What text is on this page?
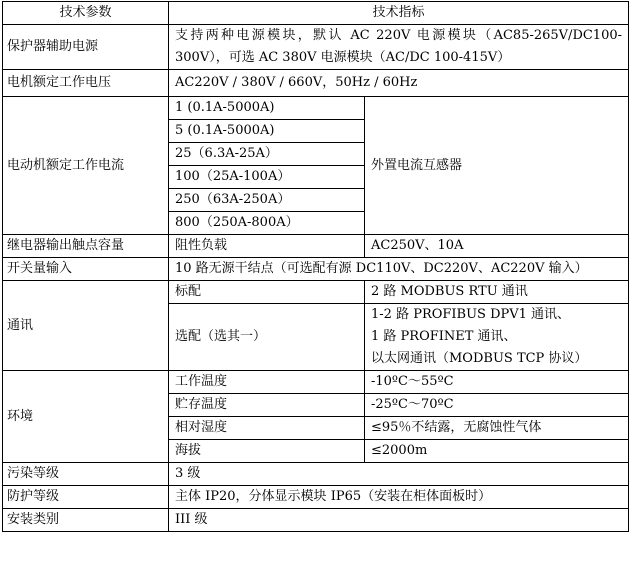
技术参数	技术指标	
保护器辅助电源	支持两种电源模块，默认 AC 220V 电源模块（AC85-265V/DC100-300V），可选 AC 380V 电源模块（AC/DC 100-415V）	
电机额定工作电压	AC220V / 380V / 660V，50Hz / 60Hz	
电动机额定工作电流	1 (0.1A-5000A)	外置电流互感器
	5 (0.1A-5000A)	
	25（6.3A-25A）	
	100（25A-100A）	
	250（63A-250A）	
	800（250A-800A）	
继电器输出触点容量	阻性负载	AC250V、10A
开关量输入	10 路无源干结点（可选配有源 DC110V、DC220V、AC220V 输入）	
通讯	标配	2 路 MODBUS RTU 通讯
	选配（选其一）	1-2 路 PROFIBUS DPV1 通讯、
1 路 PROFINET 通讯、
以太网通讯（MODBUS TCP 协议）

环境	工作温度	-10ºC～55ºC
	贮存温度	-25ºC～70ºC
	相对湿度	≤95％不结露，无腐蚀性气体
	海拔	≤2000m
污染等级	3 级	
防护等级	主体 IP20，分体显示模块 IP65（安装在柜体面板时）	
安装类别	III 级	
